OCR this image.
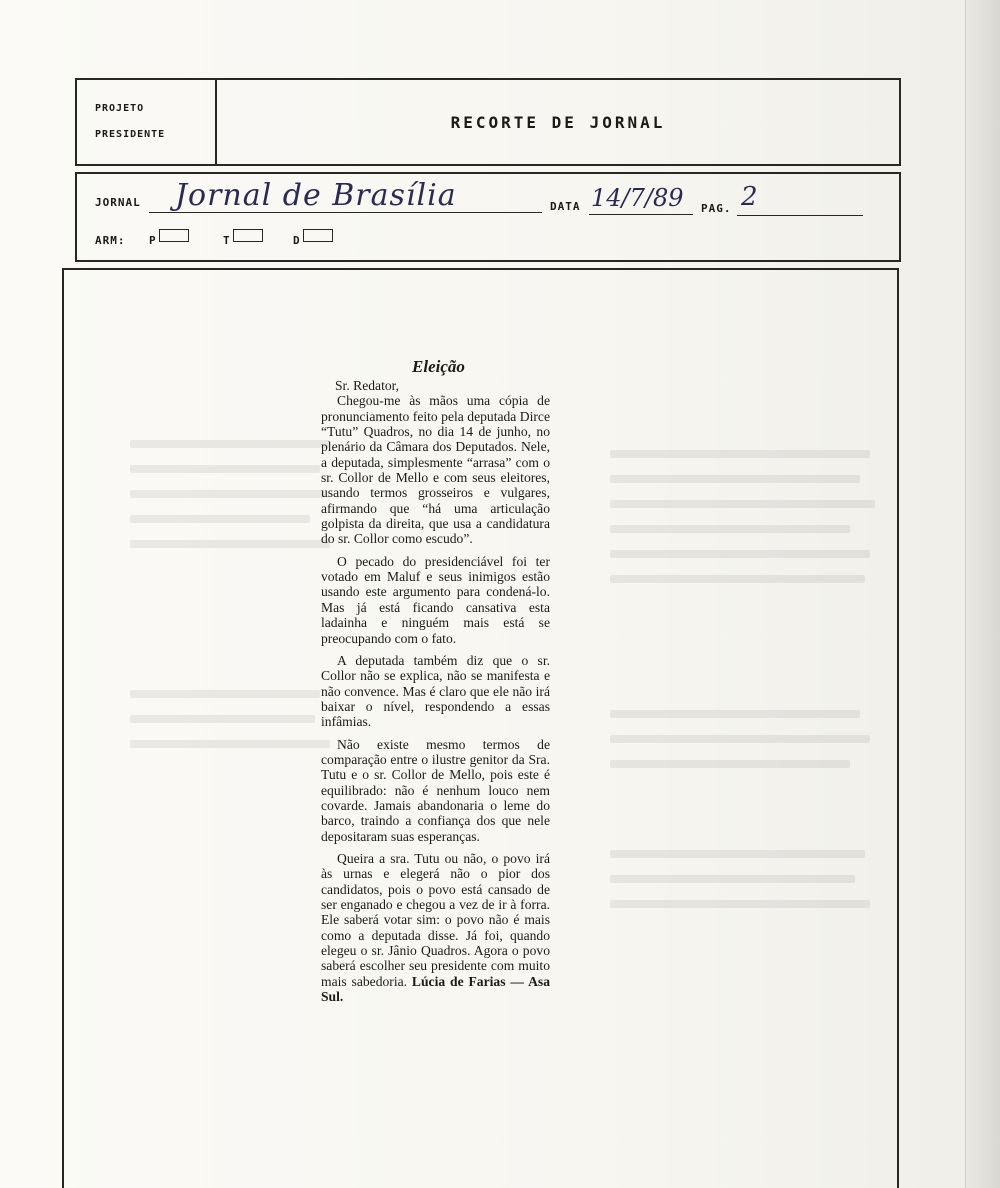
PROJETO
PRESIDENTE
RECORTE DE JORNAL
JORNAL Jornal de Brasília	DATA 14/7/89 PAG. 2
ARM: P	T	D

Eleição

Sr. Redator,

Chegou-me às mãos uma cópia de pronunciamento feito pela deputada Dirce “Tutu” Quadros, no dia 14 de junho, no plenário da Câmara dos Deputados. Nele, a deputada, simplesmente “arrasa” com o sr. Collor de Mello e com seus eleitores, usando termos grosseiros e vulgares, afirmando que “há uma articulação golpista da direita, que usa a candidatura do sr. Collor como escudo”.

O pecado do presidenciável foi ter votado em Maluf e seus inimigos estão usando este argumento para condená-lo. Mas já está ficando cansativa esta ladainha e ninguém mais está se preocupando com o fato.

A deputada também diz que o sr. Collor não se explica, não se manifesta e não convence. Mas é claro que ele não irá baixar o nível, respondendo a essas infâmias.

Não existe mesmo termos de comparação entre o ilustre genitor da Sra. Tutu e o sr. Collor de Mello, pois este é equilibrado: não é nenhum louco nem covarde. Jamais abandonaria o leme do barco, traindo a confiança dos que nele depositaram suas esperanças.

Queira a sra. Tutu ou não, o povo irá às urnas e elegerá não o pior dos candidatos, pois o povo está cansado de ser enganado e chegou a vez de ir à forra. Ele saberá votar sim: o povo não é mais como a deputada disse. Já foi, quando elegeu o sr. Jânio Quadros. Agora o povo saberá escolher seu presidente com muito mais sabedoria. Lúcia de Farias — Asa Sul.
